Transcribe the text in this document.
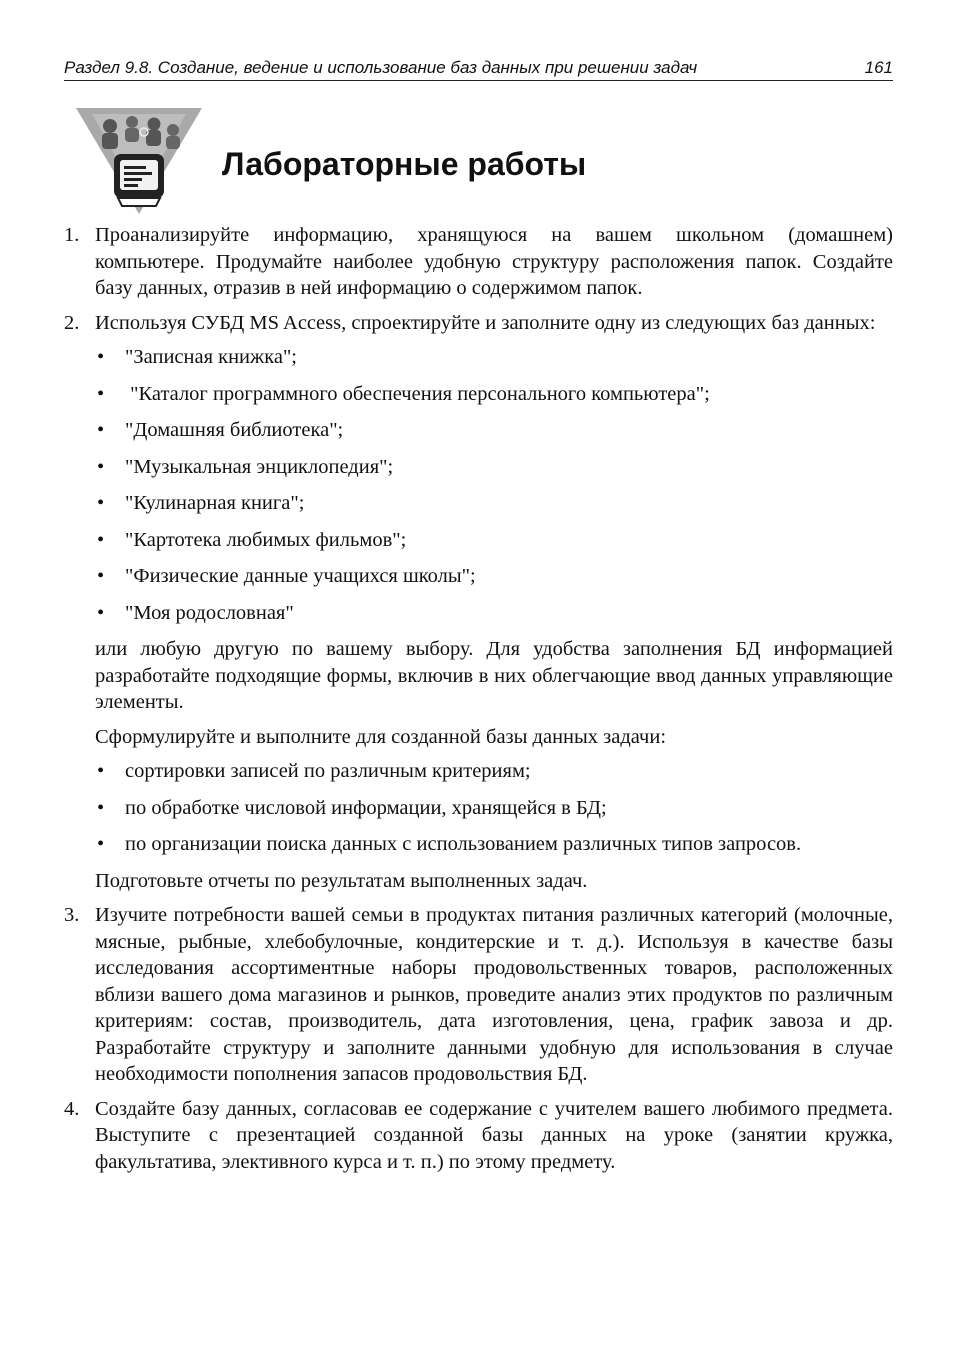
Раздел 9.8. Создание, ведение и использование баз данных при решении задач	161
Лабораторные работы
1. Проанализируйте информацию, хранящуюся на вашем школьном (домашнем) компьютере. Продумайте наиболее удобную структуру расположения папок. Создайте базу данных, отразив в ней информацию о содержимом папок.
2. Используя СУБД MS Access, спроектируйте и заполните одну из следующих баз данных:
• "Записная книжка";
• "Каталог программного обеспечения персонального компьютера";
• "Домашняя библиотека";
• "Музыкальная энциклопедия";
• "Кулинарная книга";
• "Картотека любимых фильмов";
• "Физические данные учащихся школы";
• "Моя родословная"
или любую другую по вашему выбору. Для удобства заполнения БД информацией разработайте подходящие формы, включив в них облегчающие ввод данных управляющие элементы.
Сформулируйте и выполните для созданной базы данных задачи:
• сортировки записей по различным критериям;
• по обработке числовой информации, хранящейся в БД;
• по организации поиска данных с использованием различных типов запросов.
Подготовьте отчеты по результатам выполненных задач.
3. Изучите потребности вашей семьи в продуктах питания различных категорий (молочные, мясные, рыбные, хлебобулочные, кондитерские и т. д.). Используя в качестве базы исследования ассортиментные наборы продовольственных товаров, расположенных вблизи вашего дома магазинов и рынков, проведите анализ этих продуктов по различным критериям: состав, производитель, дата изготовления, цена, график завоза и др. Разработайте структуру и заполните данными удобную для использования в случае необходимости пополнения запасов продовольствия БД.
4. Создайте базу данных, согласовав ее содержание с учителем вашего любимого предмета. Выступите с презентацией созданной базы данных на уроке (занятии кружка, факультатива, элективного курса и т. п.) по этому предмету.
